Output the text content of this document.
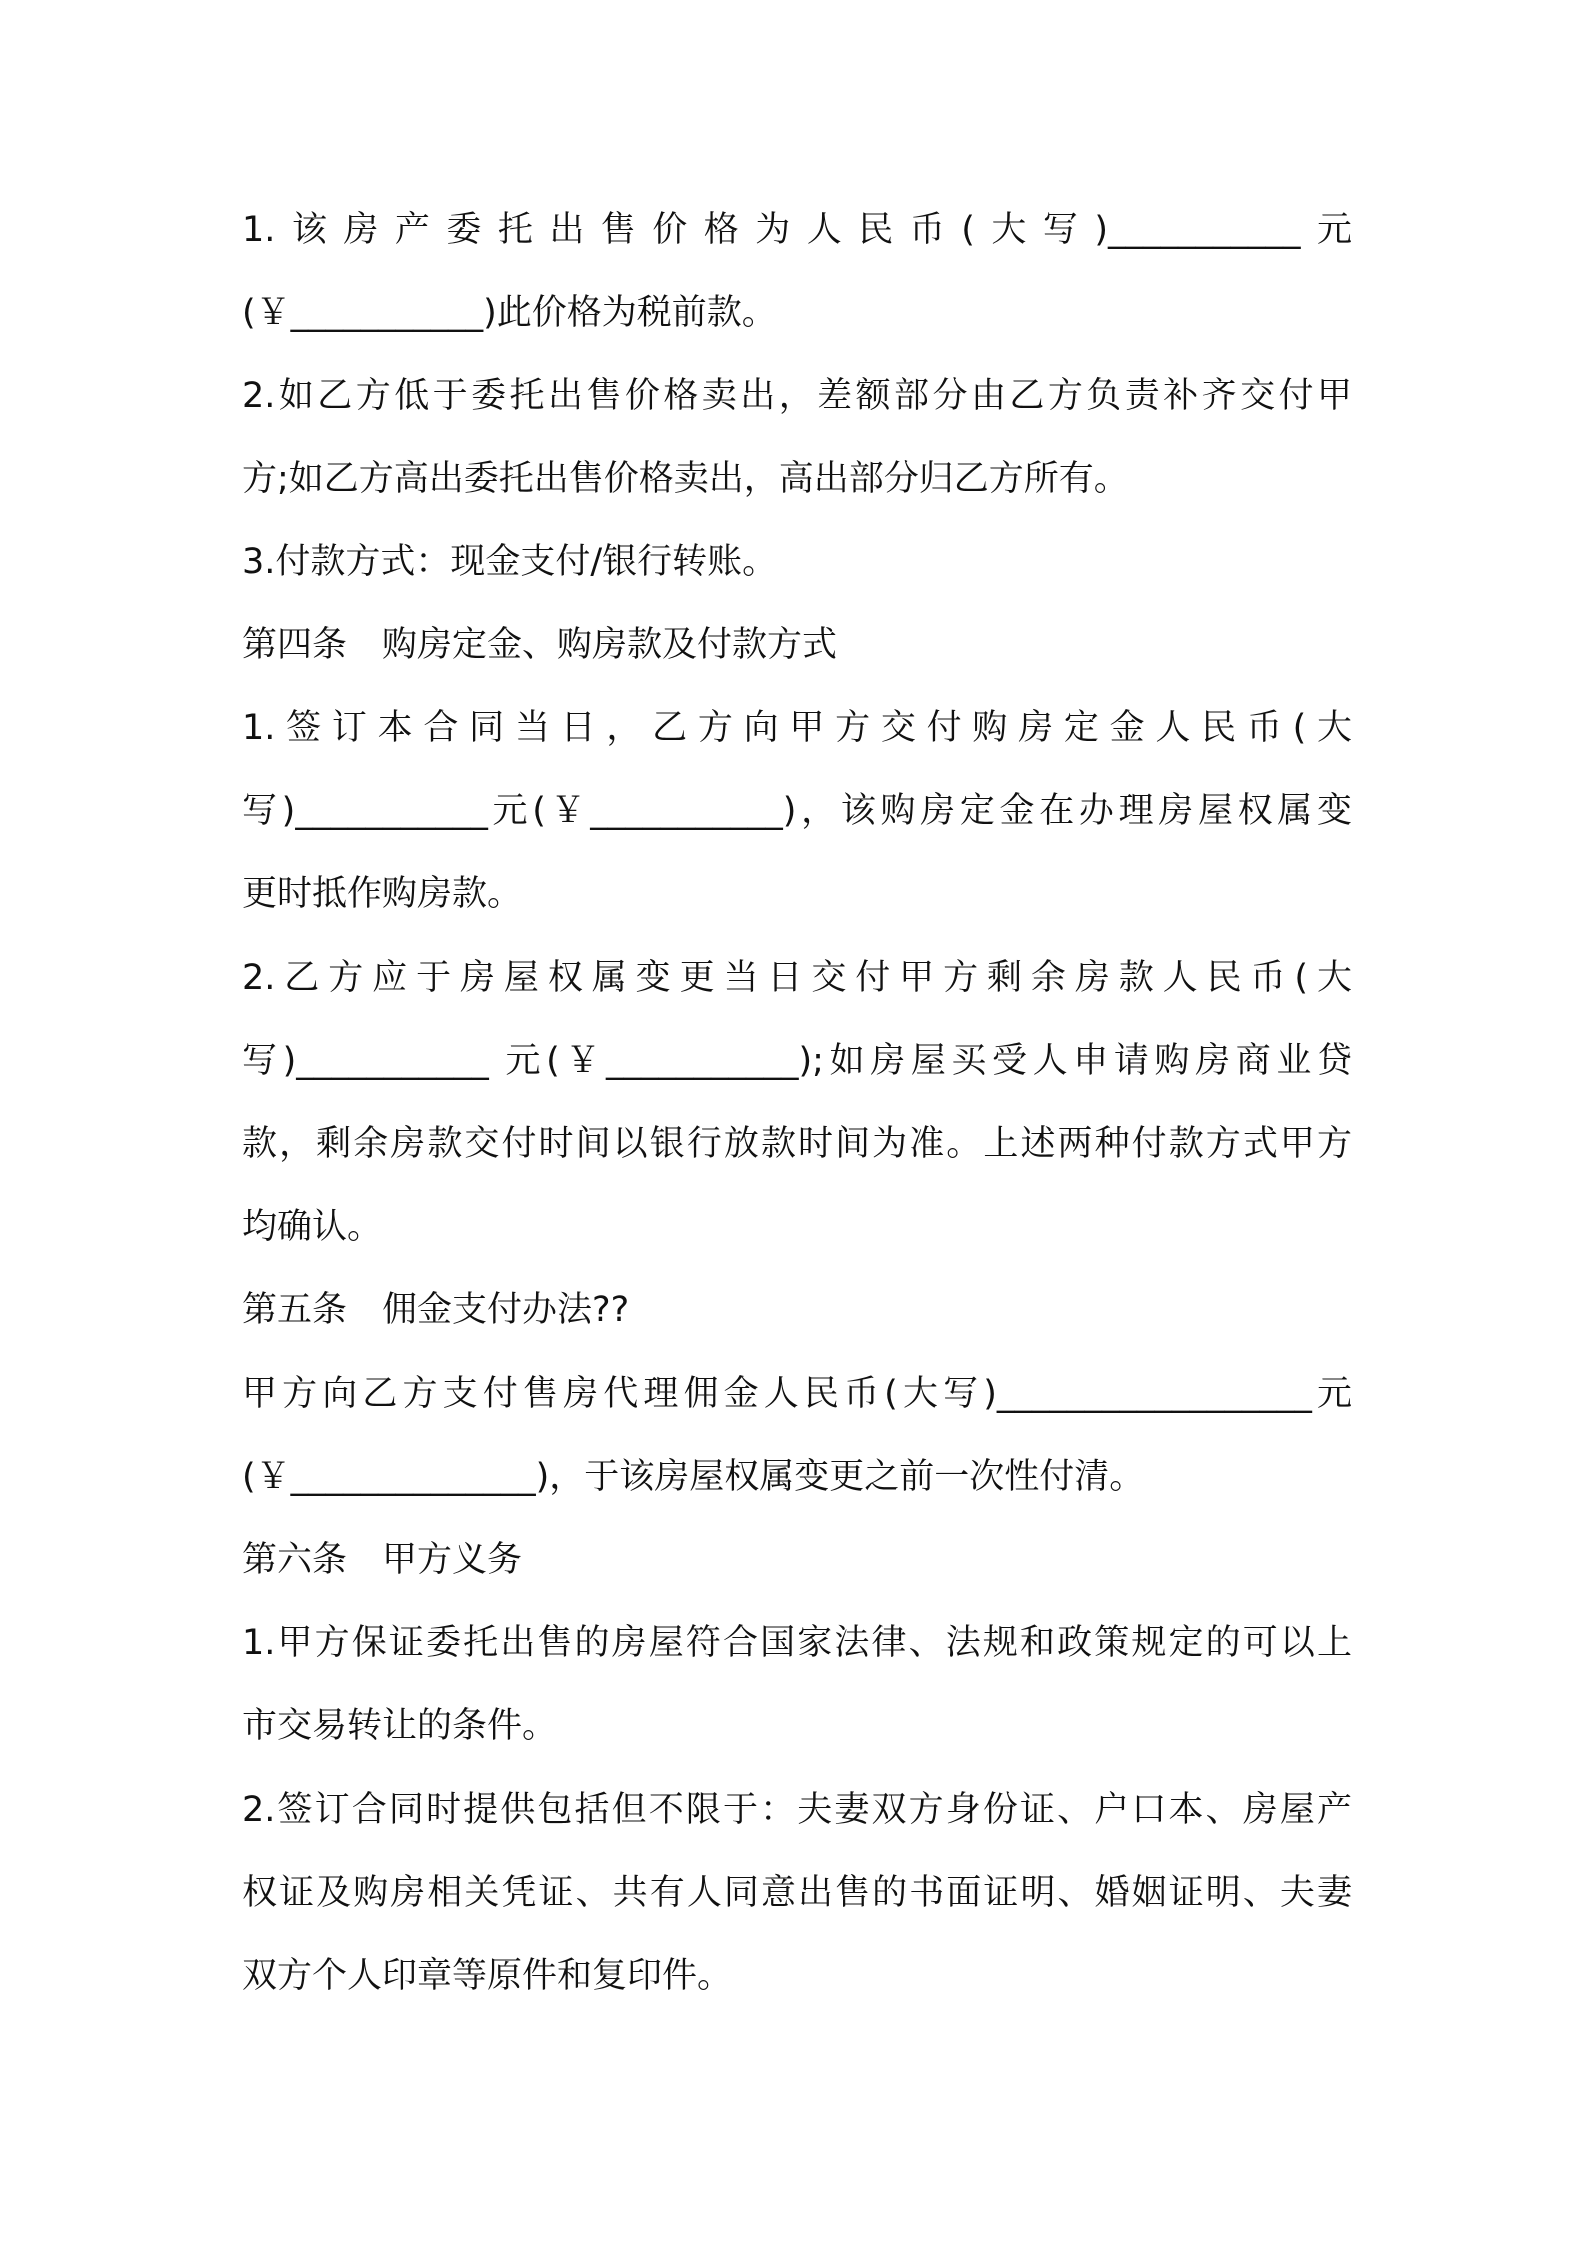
1.该房产委托出售价格为人民币(大写)___________元
(￥___________)此价格为税前款。
2.如乙方低于委托出售价格卖出，差额部分由乙方负责补齐交付甲
方;如乙方高出委托出售价格卖出，高出部分归乙方所有。
3.付款方式：现金支付/银行转账。
第四条　购房定金、购房款及付款方式
1.签订本合同当日，乙方向甲方交付购房定金人民币(大
写)___________元(￥___________)，该购房定金在办理房屋权属变
更时抵作购房款。
2.乙方应于房屋权属变更当日交付甲方剩余房款人民币(大
写)___________ 元(￥___________);如房屋买受人申请购房商业贷
款，剩余房款交付时间以银行放款时间为准。上述两种付款方式甲方
均确认。
第五条　佣金支付办法??
甲方向乙方支付售房代理佣金人民币(大写)__________________元
(￥______________)，于该房屋权属变更之前一次性付清。
第六条　甲方义务
1.甲方保证委托出售的房屋符合国家法律、法规和政策规定的可以上
市交易转让的条件。
2.签订合同时提供包括但不限于：夫妻双方身份证、户口本、房屋产
权证及购房相关凭证、共有人同意出售的书面证明、婚姻证明、夫妻
双方个人印章等原件和复印件。
